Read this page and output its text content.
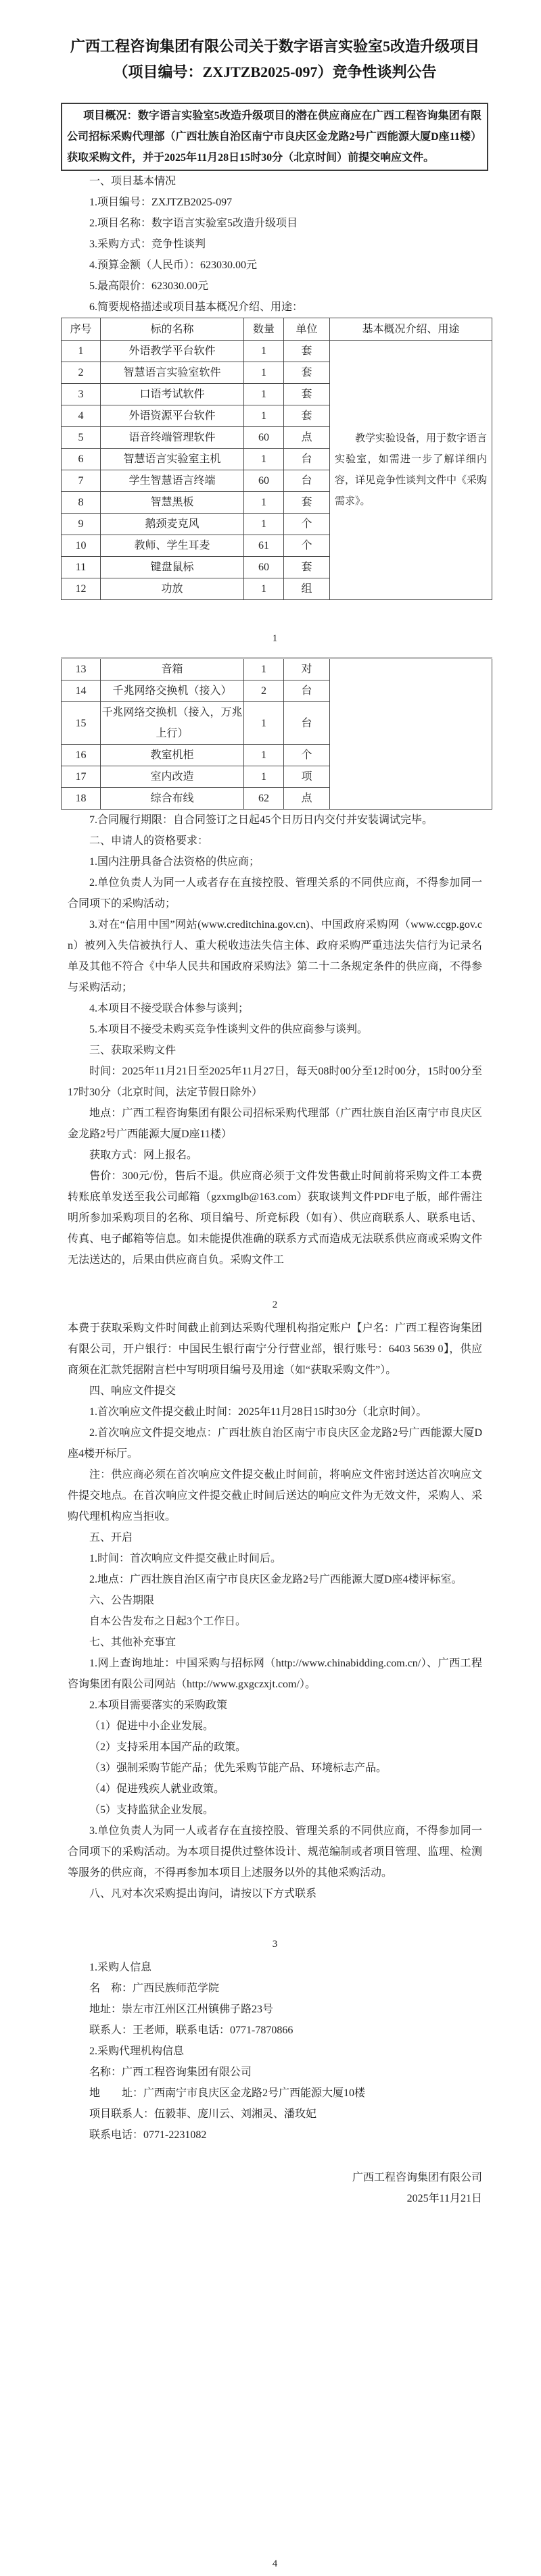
广西工程咨询集团有限公司关于数字语言实验室5改造升级项目
（项目编号：ZXJTZB2025-097）竞争性谈判公告

项目概况：数字语言实验室5改造升级项目的潜在供应商应在广西工程咨询集团有限公司招标采购代理部（广西壮族自治区南宁市良庆区金龙路2号广西能源大厦D座11楼）获取采购文件，并于2025年11月28日15时30分（北京时间）前提交响应文件。

一、项目基本情况

1.项目编号：ZXJTZB2025-097

2.项目名称：数字语言实验室5改造升级项目

3.采购方式：竞争性谈判

4.预算金额（人民币）：623030.00元

5.最高限价：623030.00元

6.简要规格描述或项目基本概况介绍、用途：

序号	标的名称	数量	单位	基本概况介绍、用途
1	外语教学平台软件	1	套	教学实验设备，用于数字语言实验室，如需进一步了解详细内容，详见竞争性谈判文件中《采购需求》。

2	智慧语言实验室软件	1	套	
3	口语考试软件	1	套	
4	外语资源平台软件	1	套	
5	语音终端管理软件	60	点	
6	智慧语言实验室主机	1	台	
7	学生智慧语言终端	60	台	
8	智慧黑板	1	套	
9	鹅颈麦克风	1	个	
10	教师、学生耳麦	61	个	
11	键盘鼠标	60	套	
12	功放	1	组	

1

13	音箱	1	对	
14	千兆网络交换机（接入）	2	台	
15	千兆网络交换机（接入，万兆上行）	1	台	
16	教室机柜	1	个	
17	室内改造	1	项	
18	综合布线	62	点	

7.合同履行期限：自合同签订之日起45个日历日内交付并安装调试完毕。

二、申请人的资格要求：

1.国内注册具备合法资格的供应商；

2.单位负责人为同一人或者存在直接控股、管理关系的不同供应商，不得参加同一合同项下的采购活动；

3.对在“信用中国”网站(www.creditchina.gov.cn)、中国政府采购网（www.ccgp.gov.cn）被列入失信被执行人、重大税收违法失信主体、政府采购严重违法失信行为记录名单及其他不符合《中华人民共和国政府采购法》第二十二条规定条件的供应商，不得参与采购活动；

4.本项目不接受联合体参与谈判；

5.本项目不接受未购买竞争性谈判文件的供应商参与谈判。

三、获取采购文件

时间：2025年11月21日至2025年11月27日，每天08时00分至12时00分，15时00分至17时30分（北京时间，法定节假日除外）

地点：广西工程咨询集团有限公司招标采购代理部（广西壮族自治区南宁市良庆区金龙路2号广西能源大厦D座11楼）

获取方式：网上报名。

售价：300元/份，售后不退。供应商必须于文件发售截止时间前将采购文件工本费转账底单发送至我公司邮箱（gzxmglb@163.com）获取谈判文件PDF电子版，邮件需注明所参加采购项目的名称、项目编号、所竞标段（如有）、供应商联系人、联系电话、传真、电子邮箱等信息。如未能提供准确的联系方式而造成无法联系供应商或采购文件无法送达的，后果由供应商自负。采购文件工

2

本费于获取采购文件时间截止前到达采购代理机构指定账户【户名：广西工程咨询集团有限公司，开户银行：中国民生银行南宁分行营业部，银行账号：6403 5639 0】，供应商须在汇款凭据附言栏中写明项目编号及用途（如“获取采购文件”）。

四、响应文件提交

1.首次响应文件提交截止时间：2025年11月28日15时30分（北京时间）。

2.首次响应文件提交地点：广西壮族自治区南宁市良庆区金龙路2号广西能源大厦D座4楼开标厅。

注：供应商必须在首次响应文件提交截止时间前，将响应文件密封送达首次响应文件提交地点。在首次响应文件提交截止时间后送达的响应文件为无效文件，采购人、采购代理机构应当拒收。

五、开启

1.时间：首次响应文件提交截止时间后。

2.地点：广西壮族自治区南宁市良庆区金龙路2号广西能源大厦D座4楼评标室。

六、公告期限

自本公告发布之日起3个工作日。

七、其他补充事宜

1.网上查询地址：中国采购与招标网（http://www.chinabidding.com.cn/）、广西工程咨询集团有限公司网站（http://www.gxgczxjt.com/）。

2.本项目需要落实的采购政策

（1）促进中小企业发展。

（2）支持采用本国产品的政策。

（3）强制采购节能产品；优先采购节能产品、环境标志产品。

（4）促进残疾人就业政策。

（5）支持监狱企业发展。

3.单位负责人为同一人或者存在直接控股、管理关系的不同供应商，不得参加同一合同项下的采购活动。为本项目提供过整体设计、规范编制或者项目管理、监理、检测等服务的供应商，不得再参加本项目上述服务以外的其他采购活动。

八、凡对本次采购提出询问，请按以下方式联系

3

1.采购人信息

名　称：广西民族师范学院

地址：崇左市江州区江州镇佛子路23号

联系人：王老师，联系电话：0771-7870866

2.采购代理机构信息

名称：广西工程咨询集团有限公司

地　　址：广西南宁市良庆区金龙路2号广西能源大厦10楼

项目联系人：伍毅菲、庞川云、刘湘灵、潘玫妃

联系电话：0771-2231082

广西工程咨询集团有限公司

2025年11月21日

4
